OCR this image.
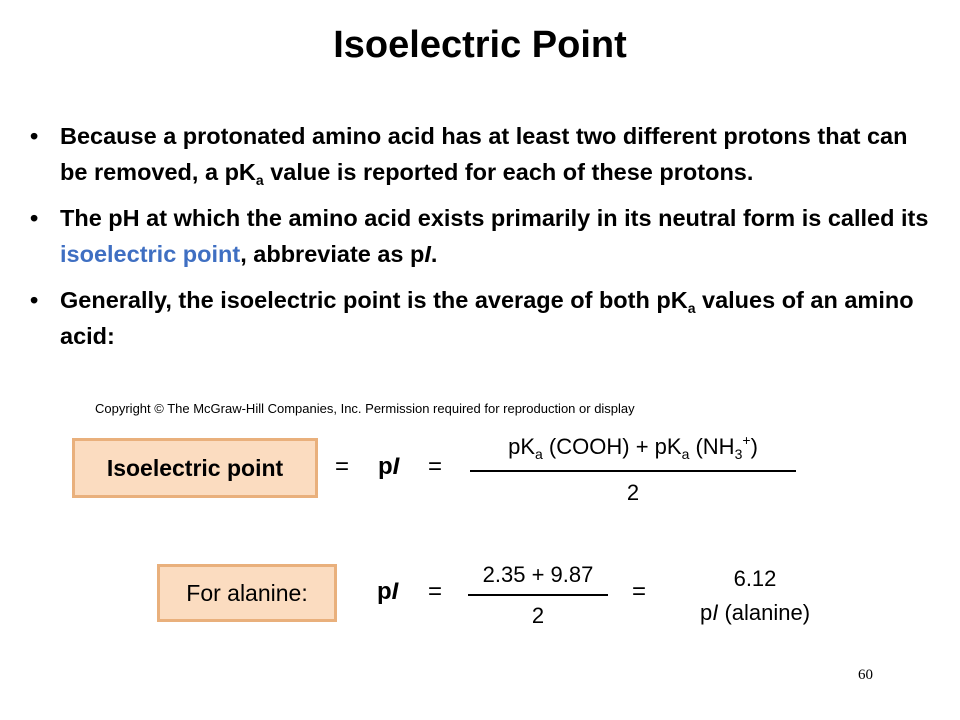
Isoelectric Point
• Because a protonated amino acid has at least two different protons that can be removed, a $pK_a$ value is reported for each of these protons.
• The pH at which the amino acid exists primarily in its neutral form is called its isoelectric point, abbreviate as pI.
• Generally, the isoelectric point is the average of both $pK_a$ values of an amino acid:
Copyright © The McGraw-Hill Companies, Inc. Permission required for reproduction or display
Isoelectric point	= pI =
$pK_a$ (COOH) + $pK_a$ $(NH_3^+)$
2
For alanine:	pI =
2.35 + 9.87
2
=	6.12
pI (alanine)
60
